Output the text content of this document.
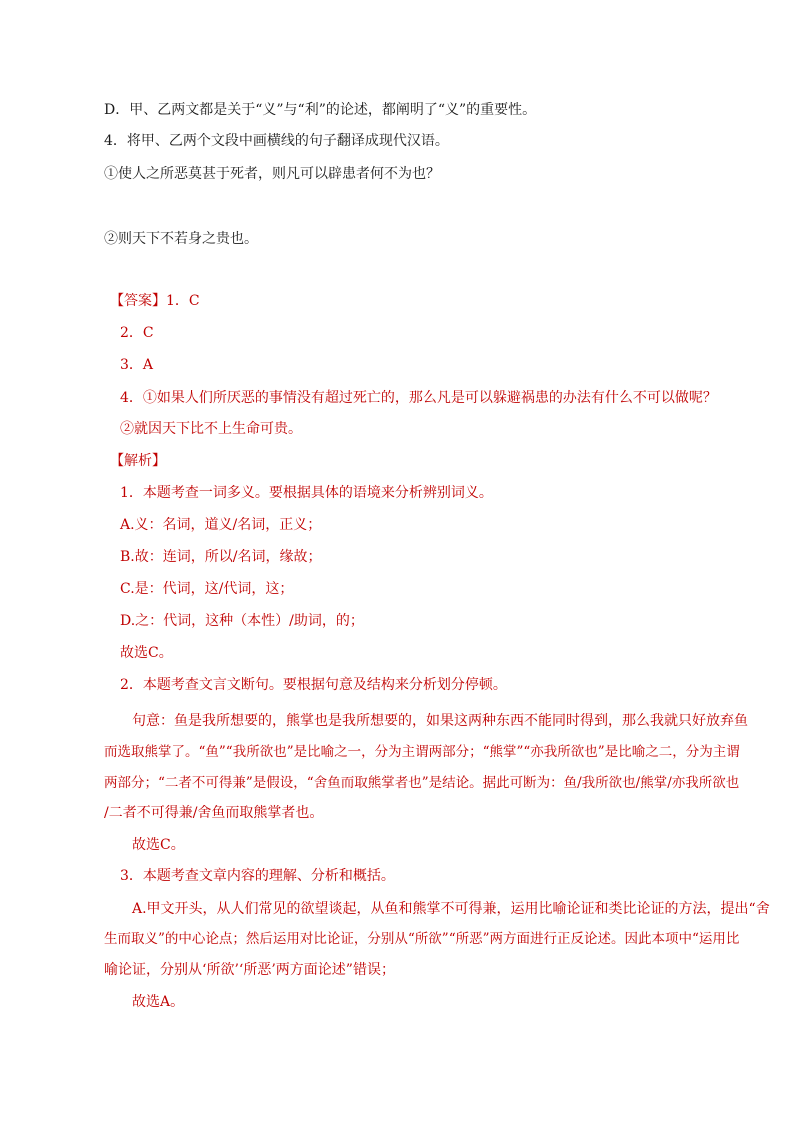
D．甲、乙两文都是关于“义”与“利”的论述，都阐明了“义”的重要性。
4．将甲、乙两个文段中画横线的句子翻译成现代汉语。
①使人之所恶莫甚于死者，则凡可以辟患者何不为也？
②则天下不若身之贵也。
【答案】1．C
2．C
3．A
4．①如果人们所厌恶的事情没有超过死亡的，那么凡是可以躲避祸患的办法有什么不可以做呢？
②就因天下比不上生命可贵。
【解析】
1．本题考查一词多义。要根据具体的语境来分析辨别词义。
A.义：名词，道义/名词，正义；
B.故：连词，所以/名词，缘故；
C.是：代词，这/代词，这；
D.之：代词，这种（本性）/助词，的；
故选C。
2．本题考查文言文断句。要根据句意及结构来分析划分停顿。
句意：鱼是我所想要的，熊掌也是我所想要的，如果这两种东西不能同时得到，那么我就只好放弃鱼
而选取熊掌了。“鱼”“我所欲也”是比喻之一，分为主谓两部分；“熊掌”“亦我所欲也”是比喻之二，分为主谓
两部分；“二者不可得兼”是假设，“舍鱼而取熊掌者也”是结论。据此可断为：鱼/我所欲也/熊掌/亦我所欲也
/二者不可得兼/舍鱼而取熊掌者也。
故选C。
3．本题考查文章内容的理解、分析和概括。
A.甲文开头，从人们常见的欲望谈起，从鱼和熊掌不可得兼，运用比喻论证和类比论证的方法，提出“舍
生而取义”的中心论点；然后运用对比论证，分别从“所欲”“所恶”两方面进行正反论述。因此本项中“运用比
喻论证，分别从‘所欲’‘所恶’两方面论述”错误；
故选A。
